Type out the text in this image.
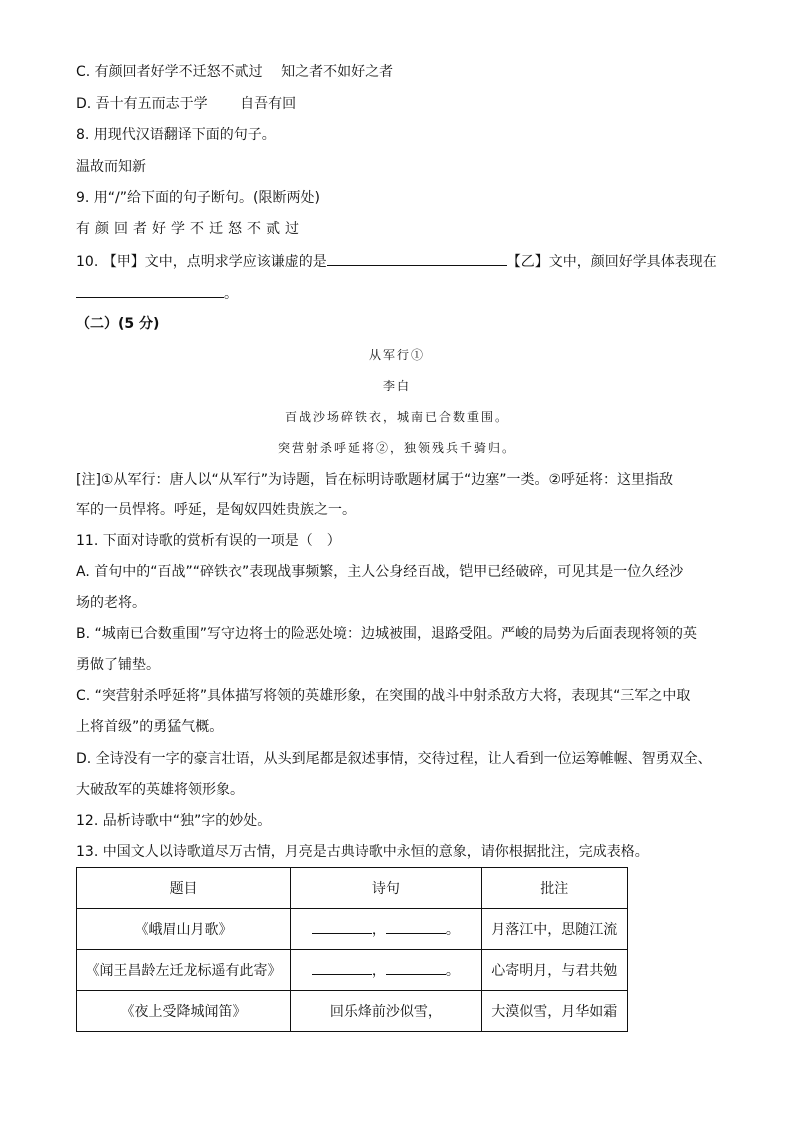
C. 有颜回者好学不迁怒不贰过　 知之者不如好之者
D. 吾十有五而志于学　　 自吾有回
8. 用现代汉语翻译下面的句子。
温故而知新
9. 用“/”给下面的句子断句。(限断两处)
有颜回者好学不迁怒不贰过
10. 【甲】文中，点明求学应该谦虚的是	【乙】文中，颜回好学具体表现在
。
（二）(5 分)
从军行①
李白
百战沙场碎铁衣，城南已合数重围。
突营射杀呼延将②，独领残兵千骑归。
[注]①从军行：唐人以“从军行”为诗题，旨在标明诗歌题材属于“边塞”一类。②呼延将：这里指敌
军的一员悍将。呼延，是匈奴四姓贵族之一。
11. 下面对诗歌的赏析有误的一项是（　）
A. 首句中的“百战”“碎铁衣”表现战事频繁，主人公身经百战，铠甲已经破碎，可见其是一位久经沙
场的老将。
B. “城南已合数重围”写守边将士的险恶处境：边城被围，退路受阻。严峻的局势为后面表现将领的英
勇做了铺垫。
C. “突营射杀呼延将”具体描写将领的英雄形象，在突围的战斗中射杀敌方大将，表现其“三军之中取
上将首级”的勇猛气概。
D. 全诗没有一字的豪言壮语，从头到尾都是叙述事情，交待过程，让人看到一位运筹帷幄、智勇双全、
大破敌军的英雄将领形象。
12. 品析诗歌中“独”字的妙处。
13. 中国文人以诗歌道尽万古情，月亮是古典诗歌中永恒的意象，请你根据批注，完成表格。
题目	诗句	批注
《峨眉山月歌》	， 。	月落江中，思随江流
《闻王昌龄左迁龙标遥有此寄》	， 。	心寄明月，与君共勉
《夜上受降城闻笛》	回乐烽前沙似雪，	大漠似雪，月华如霜
